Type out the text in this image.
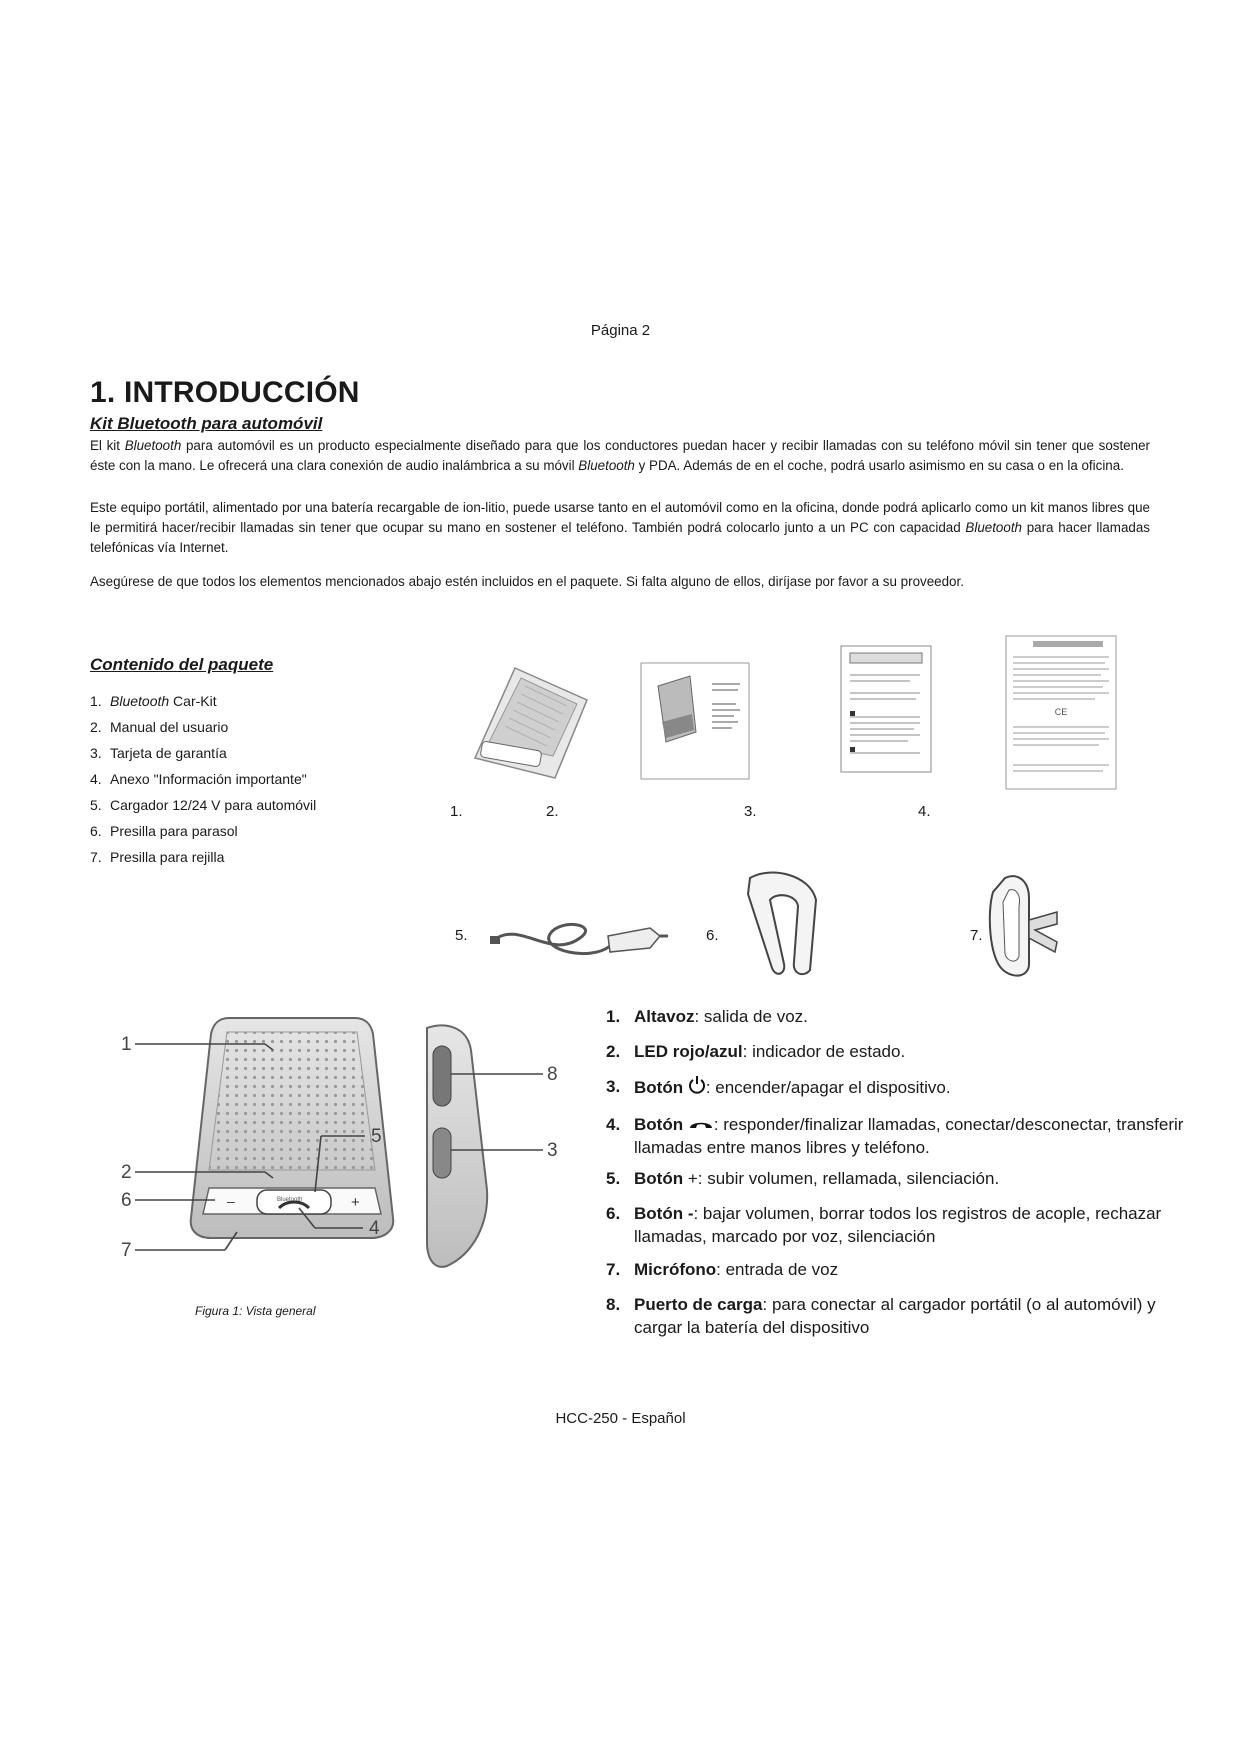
Página 2
1. INTRODUCCIÓN
Kit Bluetooth para automóvil

El kit Bluetooth para automóvil es un producto especialmente diseñado para que los conductores puedan hacer y recibir llamadas con su teléfono móvil sin tener que sostener éste con la mano. Le ofrecerá una clara conexión de audio inalámbrica a su móvil Bluetooth y PDA. Además de en el coche, podrá usarlo asimismo en su casa o en la oficina.

Este equipo portátil, alimentado por una batería recargable de ion-litio, puede usarse tanto en el automóvil como en la oficina, donde podrá aplicarlo como un kit manos libres que le permitirá hacer/recibir llamadas sin tener que ocupar su mano en sostener el teléfono. También podrá colocarlo junto a un PC con capacidad Bluetooth para hacer llamadas telefónicas vía Internet.

Asegúrese de que todos los elementos mencionados abajo estén incluidos en el paquete. Si falta alguno de ellos, diríjase por favor a su proveedor.

Contenido del paquete
1. Bluetooth Car-Kit
2. Manual del usuario
3. Tarjeta de garantía
4. Anexo "Información importante"
5. Cargador 12/24 V para automóvil
6. Presilla para parasol
7. Presilla para rejilla
CE
1.	2.	3.	4.
5.	6.	7.
–	+
Bluetooth
1
2
6
7
5
4
8
3
Figura 1: Vista general
1. Altavoz: salida de voz.
2. LED rojo/azul: indicador de estado.
3. Botón : encender/apagar el dispositivo.
4. Botón : responder/finalizar llamadas, conectar/desconectar, transferir llamadas entre manos libres y teléfono.
5. Botón +: subir volumen, rellamada, silenciación.
6. Botón -: bajar volumen, borrar todos los registros de acople, rechazar llamadas, marcado por voz, silenciación
7. Micrófono: entrada de voz
8. Puerto de carga: para conectar al cargador portátil (o al automóvil) y cargar la batería del dispositivo
HCC-250 - Español
